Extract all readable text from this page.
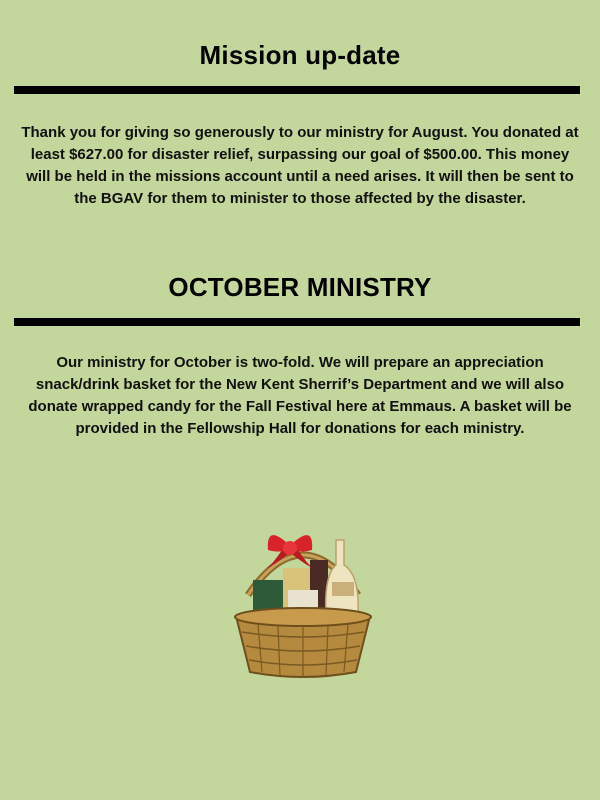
Mission up-date
Thank you for giving so generously to our ministry for August. You donated at least $627.00 for disaster relief, surpassing our goal of $500.00. This money will be held in the missions account until a need arises. It will then be sent to the BGAV for them to minister to those affected by the disaster.
OCTOBER MINISTRY
Our ministry for October is two-fold. We will prepare an appreciation snack/drink basket for the New Kent Sherrif’s Department and we will also donate wrapped candy for the Fall Festival here at Emmaus. A basket will be provided in the Fellowship Hall for donations for each ministry.
